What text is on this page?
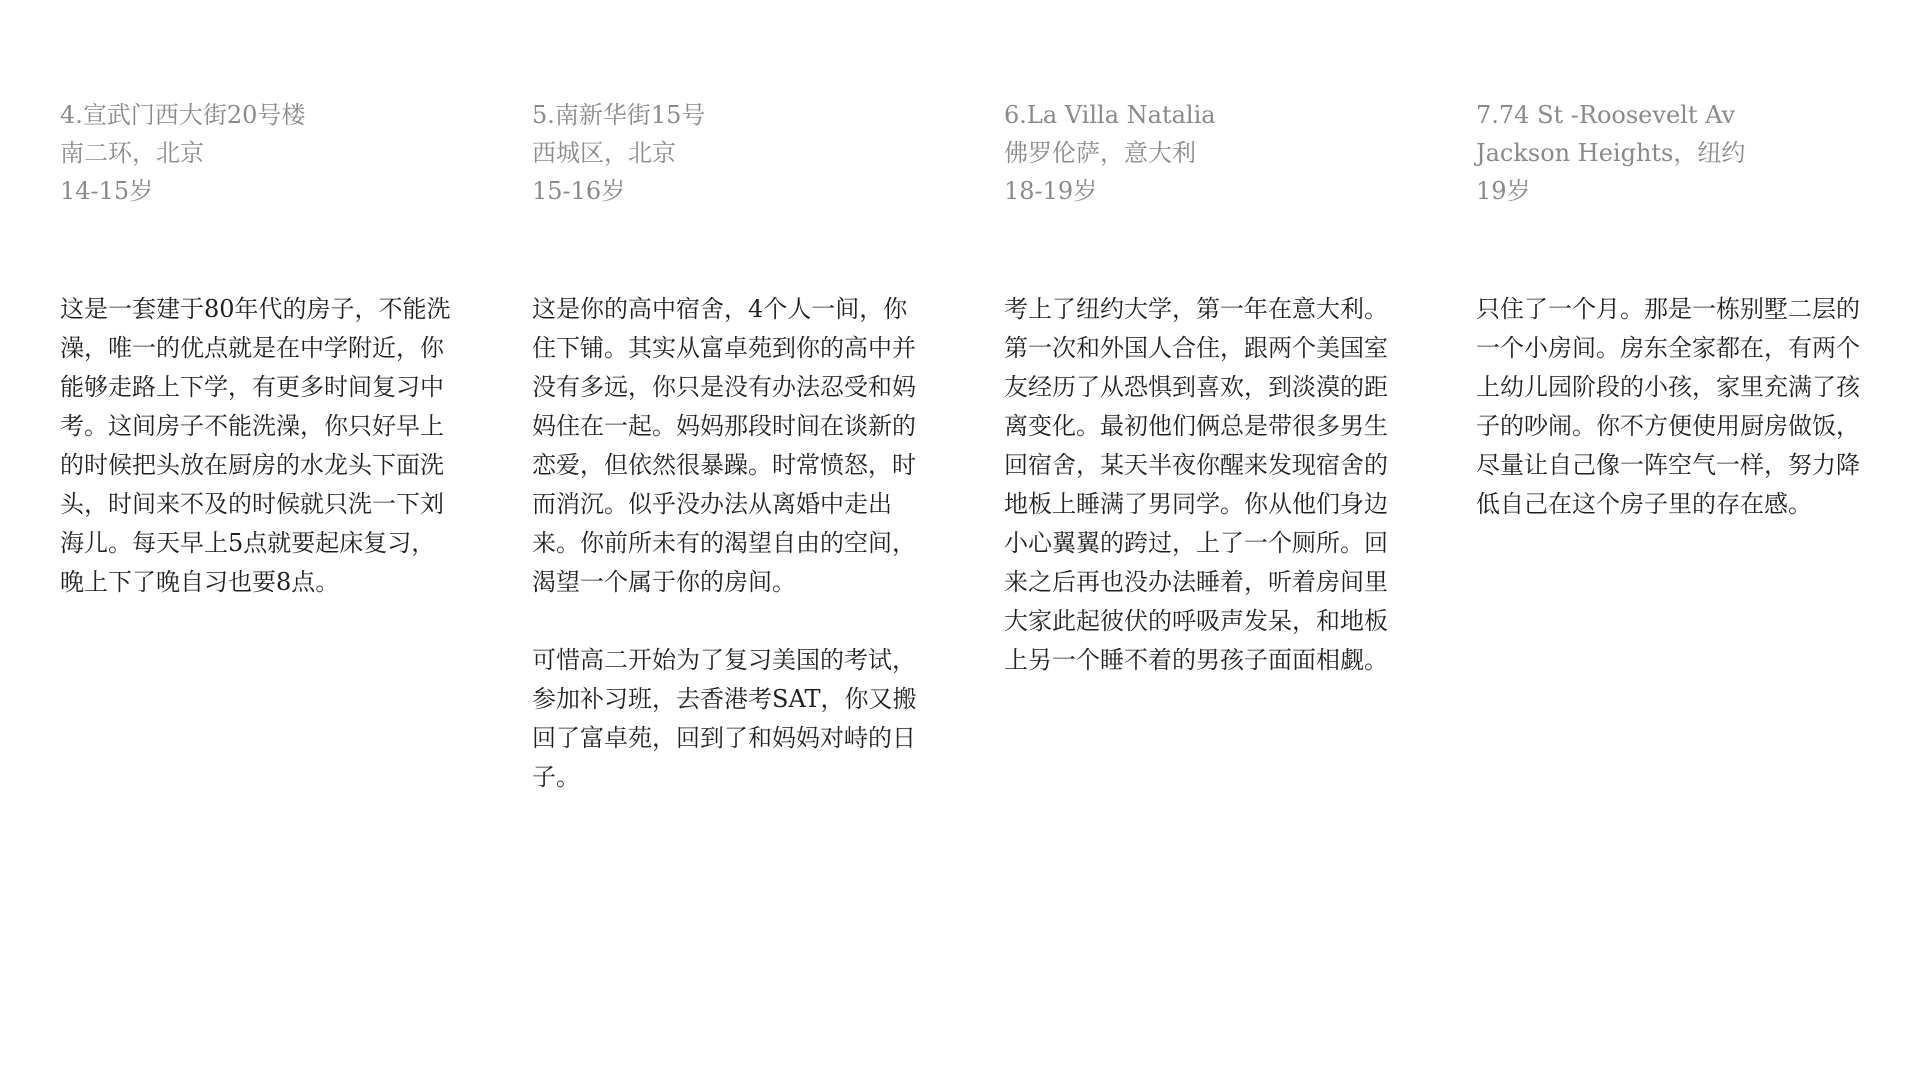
4.宣武门西大街20号楼
南二环，北京
14-15岁

这是一套建于80年代的房子，不能洗澡，唯一的优点就是在中学附近，你能够走路上下学，有更多时间复习中考。这间房子不能洗澡，你只好早上的时候把头放在厨房的水龙头下面洗头，时间来不及的时候就只洗一下刘海儿。每天早上5点就要起床复习，晚上下了晚自习也要8点。

5.南新华街15号
西城区，北京
15-16岁

这是你的高中宿舍，4个人一间，你住下铺。其实从富卓苑到你的高中并没有多远，你只是没有办法忍受和妈妈住在一起。妈妈那段时间在谈新的恋爱，但依然很暴躁。时常愤怒，时而消沉。似乎没办法从离婚中走出来。你前所未有的渴望自由的空间，渴望一个属于你的房间。

可惜高二开始为了复习美国的考试，参加补习班，去香港考SAT，你又搬回了富卓苑，回到了和妈妈对峙的日子。

6.La Villa Natalia
佛罗伦萨，意大利
18-19岁

考上了纽约大学，第一年在意大利。第一次和外国人合住，跟两个美国室友经历了从恐惧到喜欢，到淡漠的距离变化。最初他们俩总是带很多男生回宿舍，某天半夜你醒来发现宿舍的地板上睡满了男同学。你从他们身边小心翼翼的跨过，上了一个厕所。回来之后再也没办法睡着，听着房间里大家此起彼伏的呼吸声发呆，和地板上另一个睡不着的男孩子面面相觑。

7.74 St -Roosevelt Av
Jackson Heights，纽约
19岁

只住了一个月。那是一栋别墅二层的一个小房间。房东全家都在，有两个上幼儿园阶段的小孩，家里充满了孩子的吵闹。你不方便使用厨房做饭，尽量让自己像一阵空气一样，努力降低自己在这个房子里的存在感。
